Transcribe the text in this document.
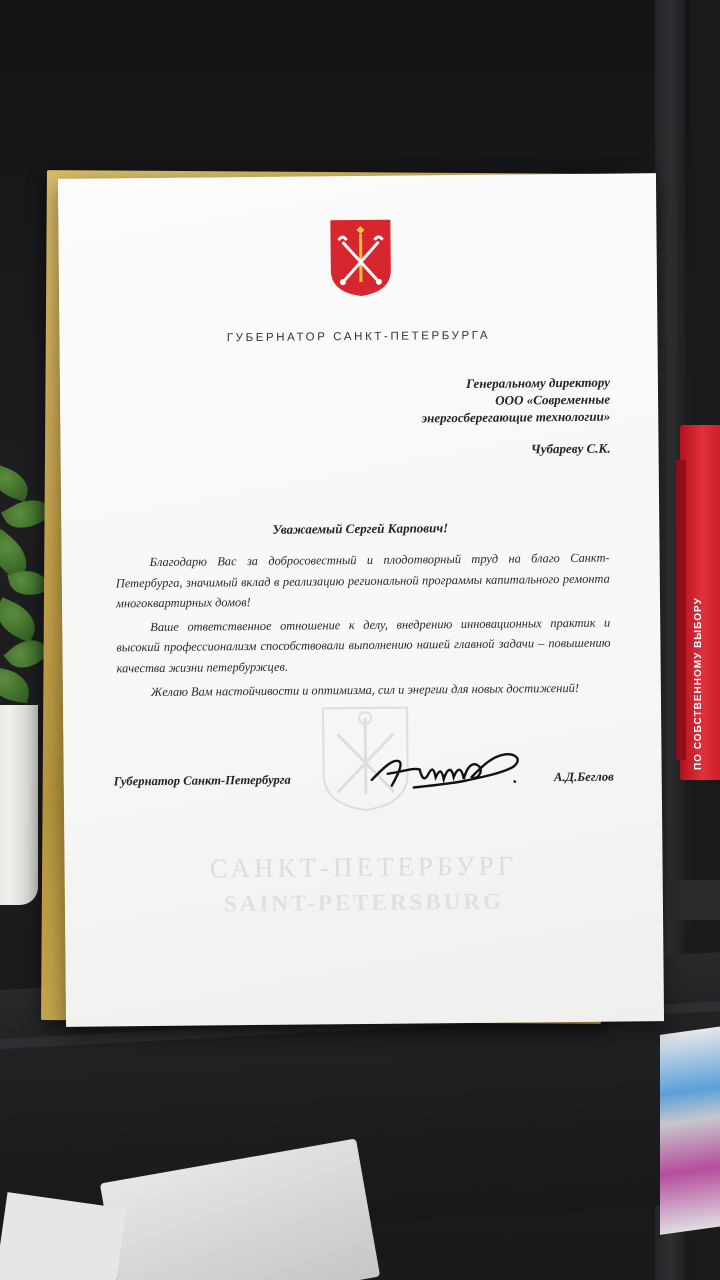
ПО СОБСТВЕННОМУ ВЫБОРУ
ГУБЕРНАТОР САНКТ-ПЕТЕРБУРГА
Генеральному директору
ООО «Современные
энергосберегающие технологии»
Чубареву С.К.
Уважаемый Сергей Карпович!

Благодарю Вас за добросовестный и плодотворный труд на благо Санкт-Петербурга, значимый вклад в реализацию региональной программы капитального ремонта многоквартирных домов!

Ваше ответственное отношение к делу, внедрению инновационных практик и высокий профессионализм способствовали выполнению нашей главной задачи – повышению качества жизни петербуржцев.

Желаю Вам настойчивости и оптимизма, сил и энергии для новых достижений!

Губернатор Санкт-Петербурга	А.Д.Беглов
САНКТ-ПЕТЕРБУРГ
SAINT-PETERSBURG
